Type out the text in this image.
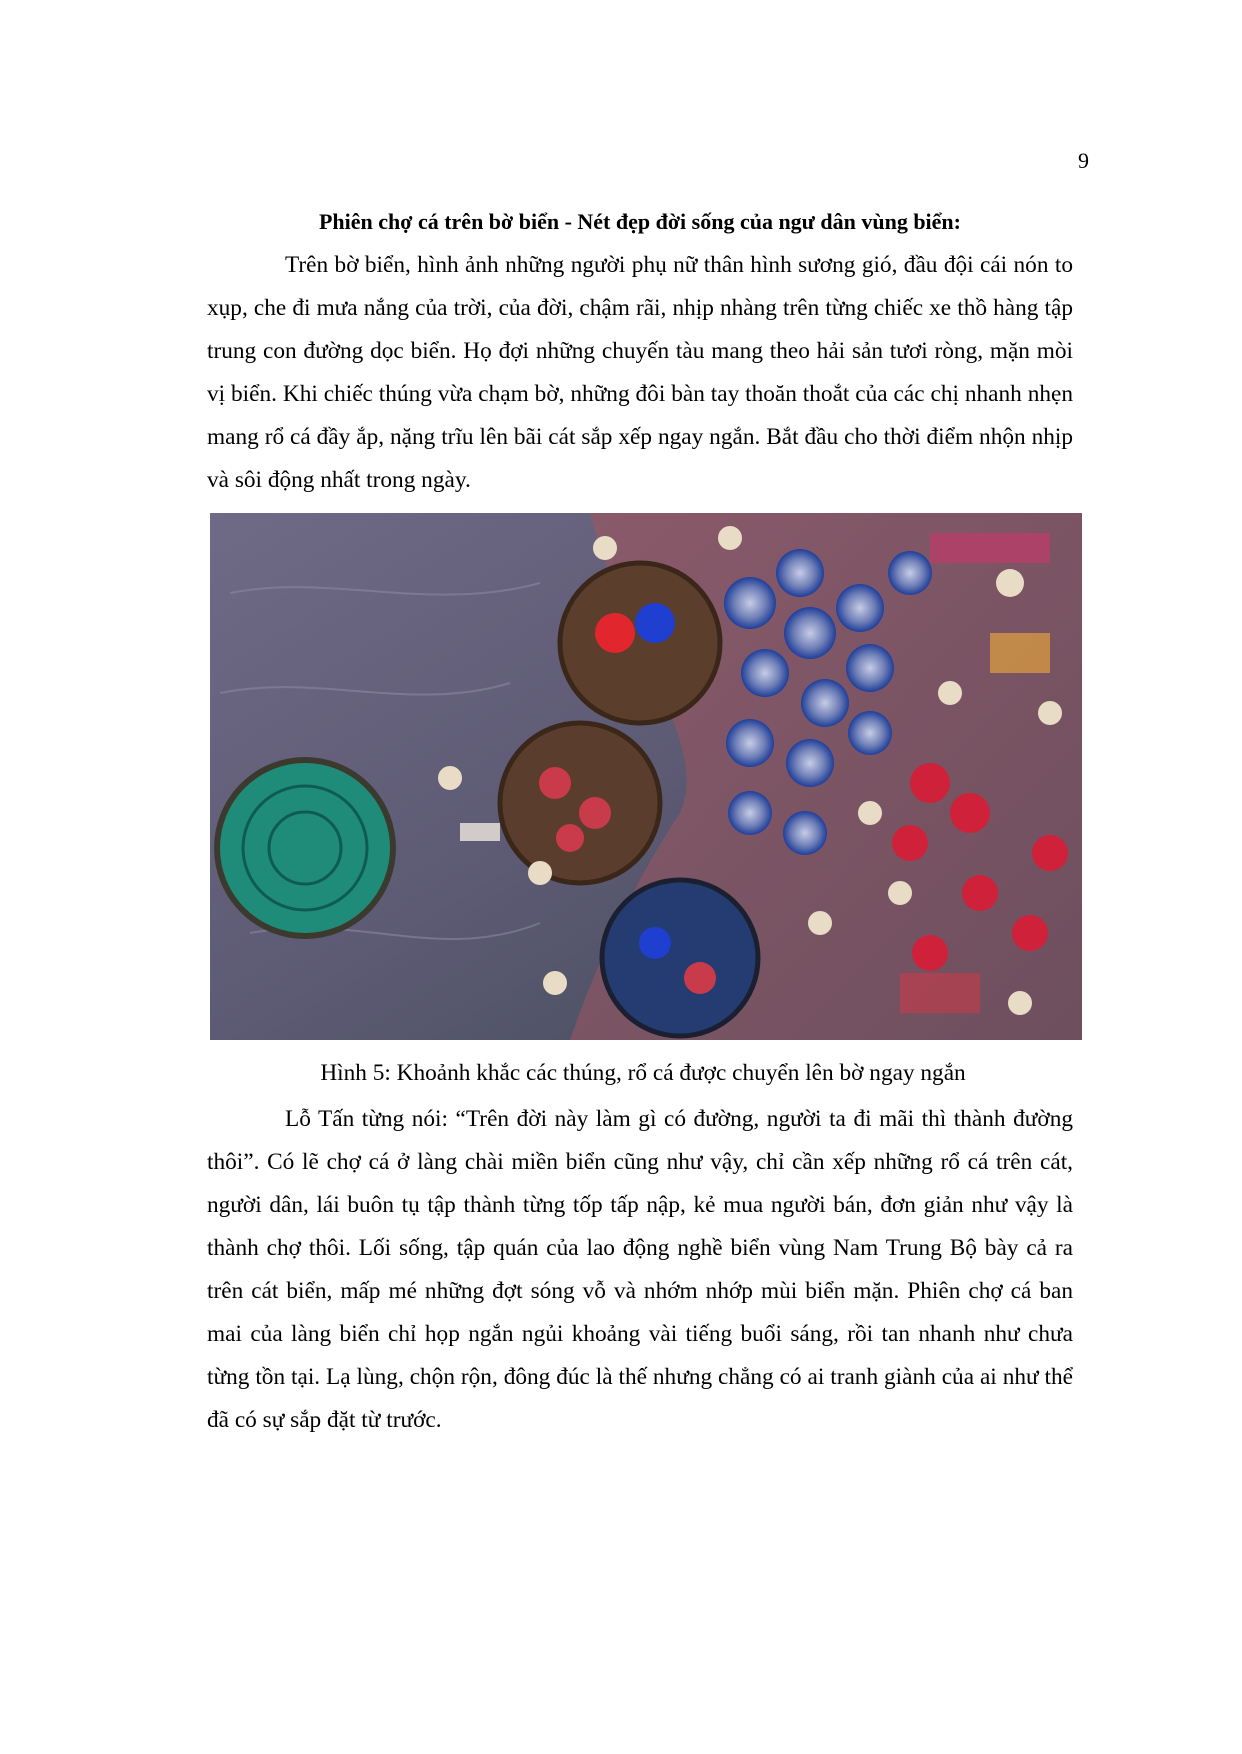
9
Phiên chợ cá trên bờ biển - Nét đẹp đời sống của ngư dân vùng biển:

Trên bờ biển, hình ảnh những người phụ nữ thân hình sương gió, đầu đội cái nón to xụp, che đi mưa nắng của trời, của đời, chậm rãi, nhịp nhàng trên từng chiếc xe thồ hàng tập trung con đường dọc biển. Họ đợi những chuyến tàu mang theo hải sản tươi ròng, mặn mòi vị biển. Khi chiếc thúng vừa chạm bờ, những đôi bàn tay thoăn thoắt của các chị nhanh nhẹn mang rổ cá đầy ắp, nặng trĩu lên bãi cát sắp xếp ngay ngắn. Bắt đầu cho thời điểm nhộn nhịp và sôi động nhất trong ngày.

Hình 5: Khoảnh khắc các thúng, rổ cá được chuyển lên bờ ngay ngắn

Lỗ Tấn từng nói: “Trên đời này làm gì có đường, người ta đi mãi thì thành đường thôi”. Có lẽ chợ cá ở làng chài miền biển cũng như vậy, chỉ cần xếp những rổ cá trên cát, người dân, lái buôn tụ tập thành từng tốp tấp nập, kẻ mua người bán, đơn giản như vậy là thành chợ thôi. Lối sống, tập quán của lao động nghề biển vùng Nam Trung Bộ bày cả ra trên cát biển, mấp mé những đợt sóng vỗ và nhớm nhớp mùi biển mặn. Phiên chợ cá ban mai của làng biển chỉ họp ngắn ngủi khoảng vài tiếng buổi sáng, rồi tan nhanh như chưa từng tồn tại. Lạ lùng, chộn rộn, đông đúc là thế nhưng chẳng có ai tranh giành của ai như thể đã có sự sắp đặt từ trước.
